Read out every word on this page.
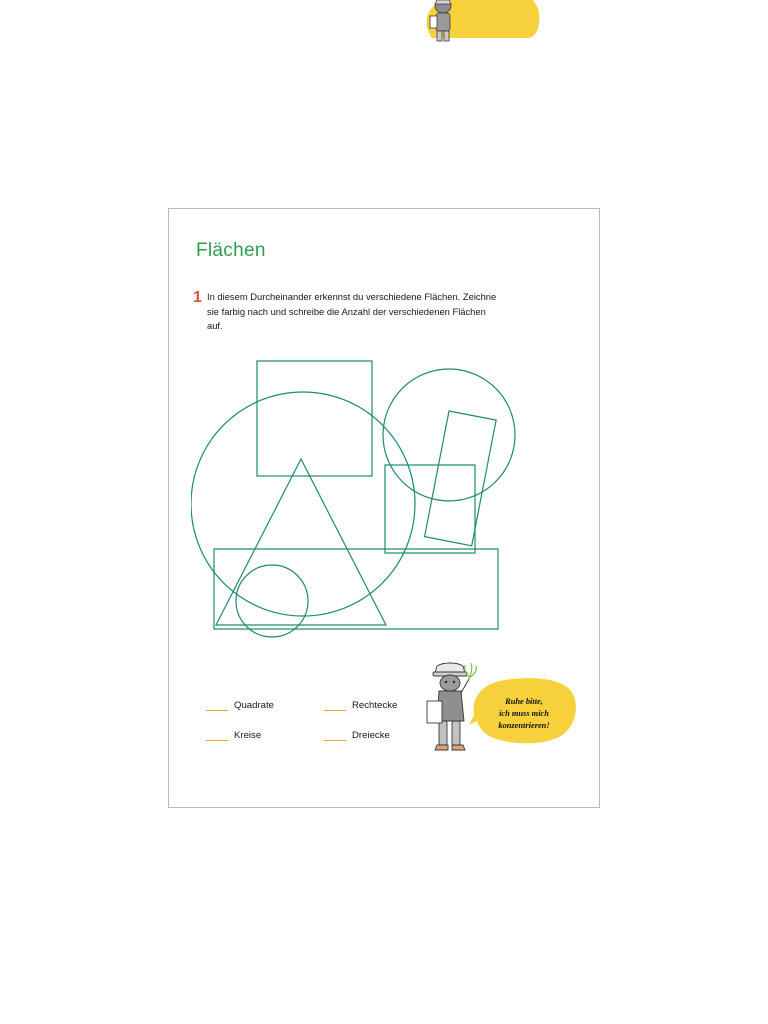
Flächen
1 In diesem Durcheinander erkennst du verschiedene Flächen. Zeichne sie farbig nach und schreibe die Anzahl der verschiedenen Flächen auf.
Quadrate	Rechtecke
Kreise	Dreiecke
Ruhe bitte,
ich muss mich
konzentrieren!
